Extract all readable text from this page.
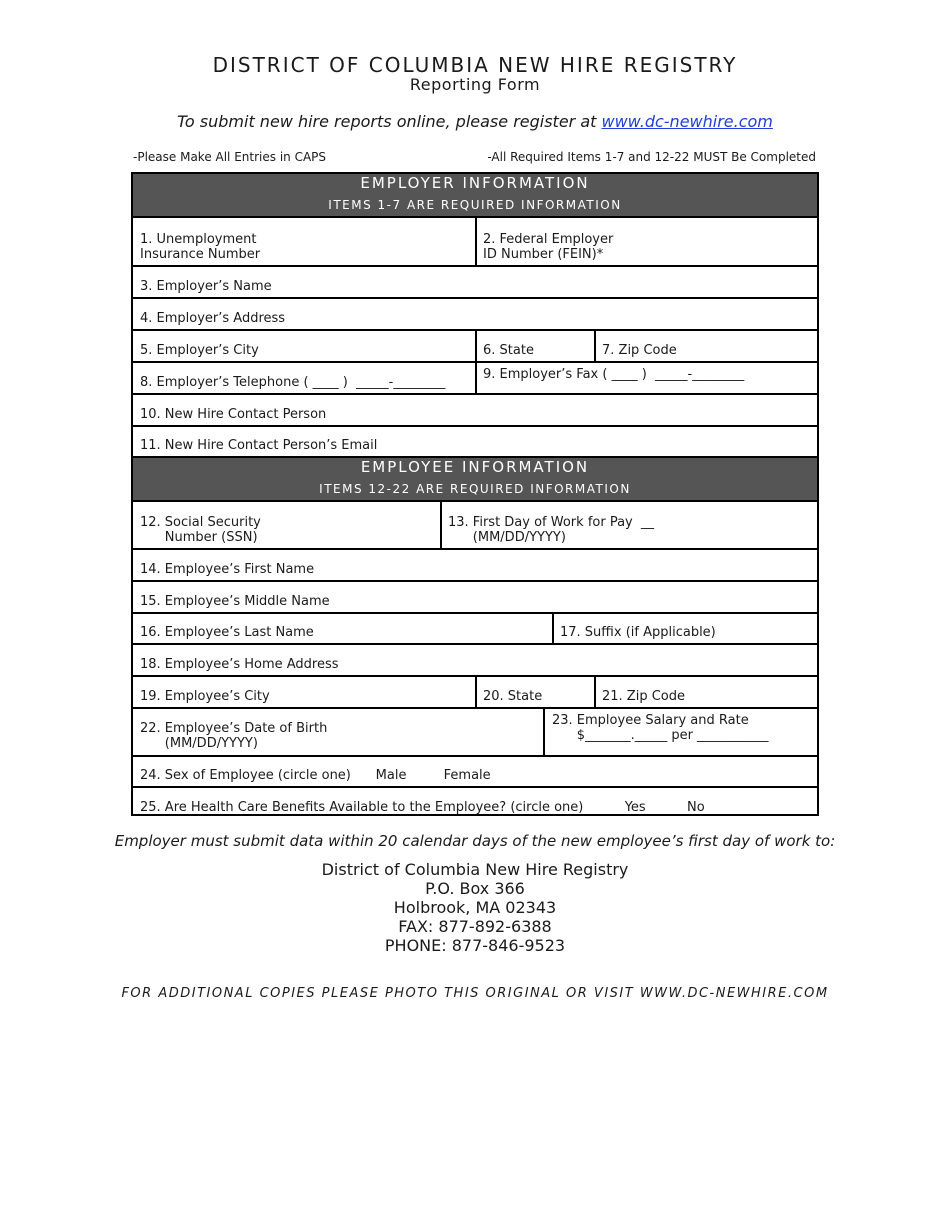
DISTRICT OF COLUMBIA NEW HIRE REGISTRY
Reporting Form
To submit new hire reports online, please register at www.dc-newhire.com
-Please Make All Entries in CAPS	-All Required Items 1-7 and 12-22 MUST Be Completed
EMPLOYER INFORMATION
ITEMS 1-7 ARE REQUIRED INFORMATION
1. Unemployment
Insurance Number
2. Federal Employer
ID Number (FEIN)*
3. Employer’s Name
4. Employer’s Address
5. Employer’s City	6. State	7. Zip Code
8. Employer’s Telephone ( ____ )  _____-________
9. Employer’s Fax ( ____ )  _____-________
10. New Hire Contact Person
11. New Hire Contact Person’s Email
EMPLOYEE INFORMATION
ITEMS 12-22 ARE REQUIRED INFORMATION
12. Social Security
Number (SSN)
13. First Day of Work for Pay  __
(MM/DD/YYYY)
14. Employee’s First Name
15. Employee’s Middle Name
16. Employee’s Last Name	17. Suffix (if Applicable)
18. Employee’s Home Address
19. Employee’s City	20. State	21. Zip Code
22. Employee’s Date of Birth
(MM/DD/YYYY)
23. Employee Salary and Rate
$_______._____ per ___________
24. Sex of Employee (circle one)      Male         Female
25. Are Health Care Benefits Available to the Employee? (circle one)          Yes          No
Employer must submit data within 20 calendar days of the new employee’s first day of work to:
District of Columbia New Hire Registry
P.O. Box 366
Holbrook, MA 02343
FAX: 877-892-6388
PHONE: 877-846-9523
FOR ADDITIONAL COPIES PLEASE PHOTO THIS ORIGINAL OR VISIT WWW.DC-NEWHIRE.COM
